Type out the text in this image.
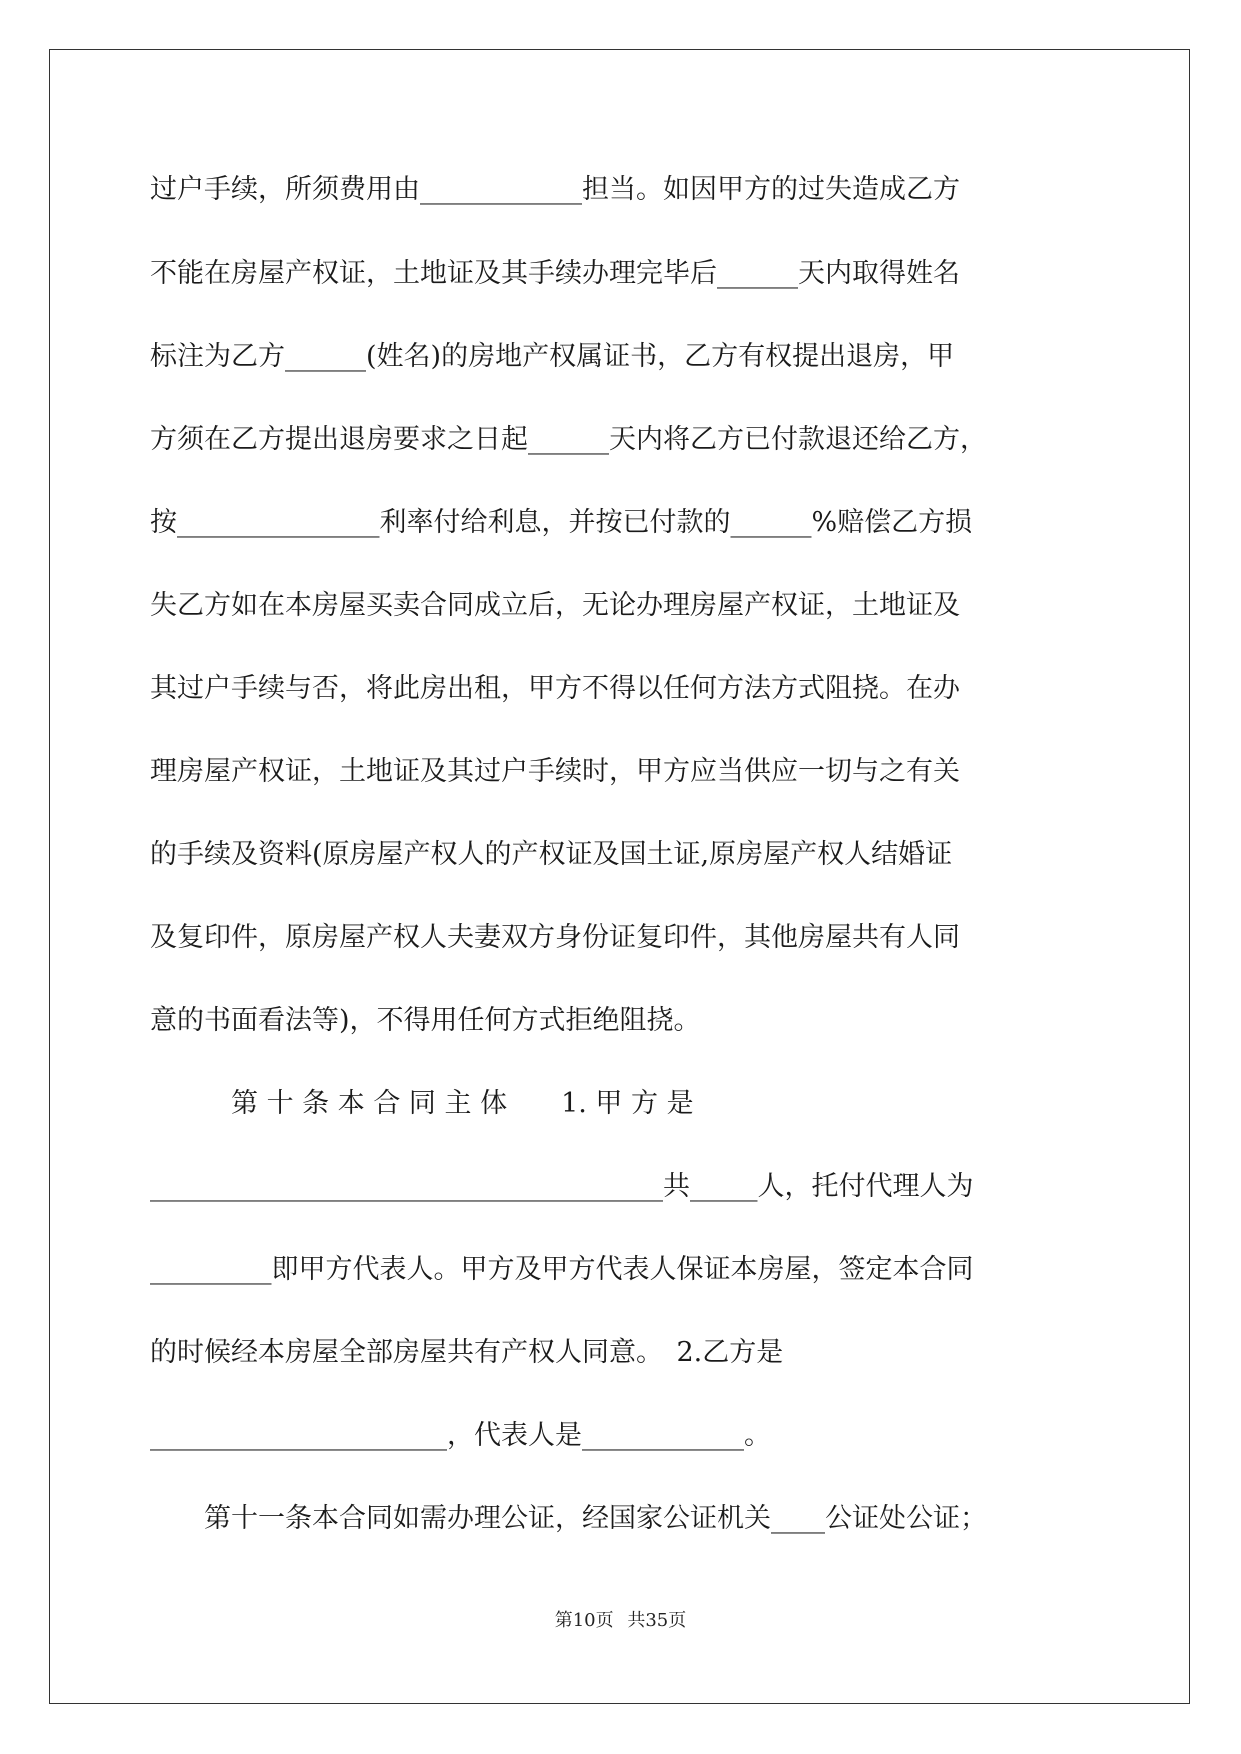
过户手续，所须费用由____________担当。如因甲方的过失造成乙方

不能在房屋产权证，土地证及其手续办理完毕后______天内取得姓名

标注为乙方______(姓名)的房地产权属证书，乙方有权提出退房，甲

方须在乙方提出退房要求之日起______天内将乙方已付款退还给乙方，

按_______________利率付给利息，并按已付款的______%赔偿乙方损

失乙方如在本房屋买卖合同成立后，无论办理房屋产权证，土地证及

其过户手续与否，将此房出租，甲方不得以任何方法方式阻挠。在办

理房屋产权证，土地证及其过户手续时，甲方应当供应一切与之有关

的手续及资料(原房屋产权人的产权证及国土证,原房屋产权人结婚证

及复印件，原房屋产权人夫妻双方身份证复印件，其他房屋共有人同

意的书面看法等)，不得用任何方式拒绝阻挠。

　　　第 十 条 本 合 同 主 体　　1. 甲 方 是

______________________________________共_____人，托付代理人为

_________即甲方代表人。甲方及甲方代表人保证本房屋，签定本合同

的时候经本房屋全部房屋共有产权人同意。　2.乙方是

______________________，代表人是____________。

　　第十一条本合同如需办理公证，经国家公证机关____公证处公证；

第10页 共35页
